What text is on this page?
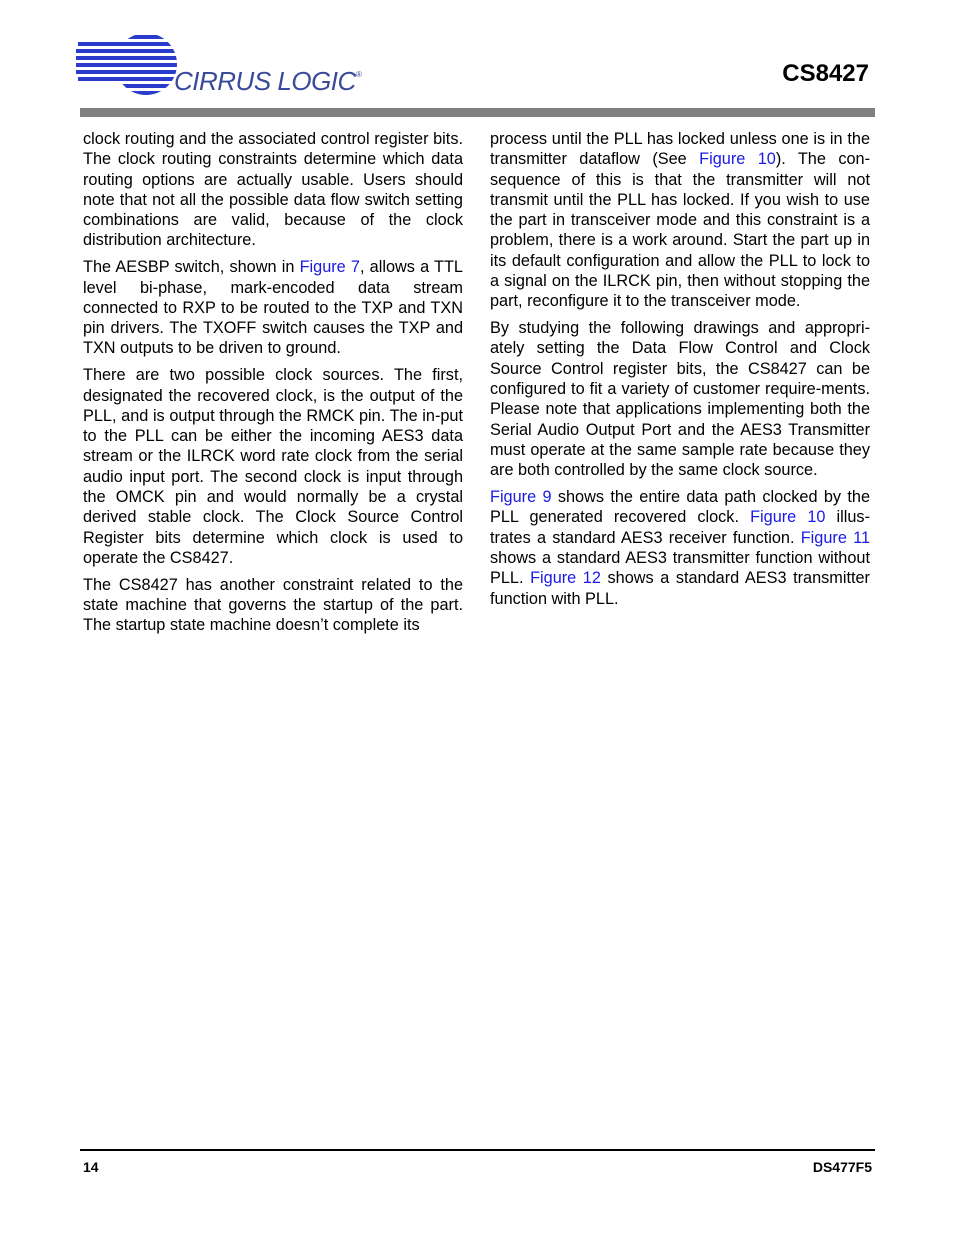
CIRRUS LOGIC®	CS8427

clock routing and the associated control register bits. The clock routing constraints determine which data routing options are actually usable. Users should note that not all the possible data flow switch setting combinations are valid, because of the clock distribution architecture.

The AESBP switch, shown in Figure 7, allows a TTL level bi-phase, mark-encoded data stream connected to RXP to be routed to the TXP and TXN pin drivers. The TXOFF switch causes the TXP and TXN outputs to be driven to ground.

There are two possible clock sources. The first, designated the recovered clock, is the output of the PLL, and is output through the RMCK pin. The in-put to the PLL can be either the incoming AES3 data stream or the ILRCK word rate clock from the serial audio input port. The second clock is input through the OMCK pin and would normally be a crystal derived stable clock. The Clock Source Control Register bits determine which clock is used to operate the CS8427.

The CS8427 has another constraint related to the state machine that governs the startup of the part. The startup state machine doesn’t complete its

process until the PLL has locked unless one is in the transmitter dataflow (See Figure 10). The con-sequence of this is that the transmitter will not transmit until the PLL has locked. If you wish to use the part in transceiver mode and this constraint is a problem, there is a work around. Start the part up in its default configuration and allow the PLL to lock to a signal on the ILRCK pin, then without stopping the part, reconfigure it to the transceiver mode.

By studying the following drawings and appropri-ately setting the Data Flow Control and Clock Source Control register bits, the CS8427 can be configured to fit a variety of customer require-ments. Please note that applications implementing both the Serial Audio Output Port and the AES3 Transmitter must operate at the same sample rate because they are both controlled by the same clock source.

Figure 9 shows the entire data path clocked by the PLL generated recovered clock. Figure 10 illus-trates a standard AES3 receiver function. Figure 11 shows a standard AES3 transmitter function without PLL. Figure 12 shows a standard AES3 transmitter function with PLL.

14	DS477F5
